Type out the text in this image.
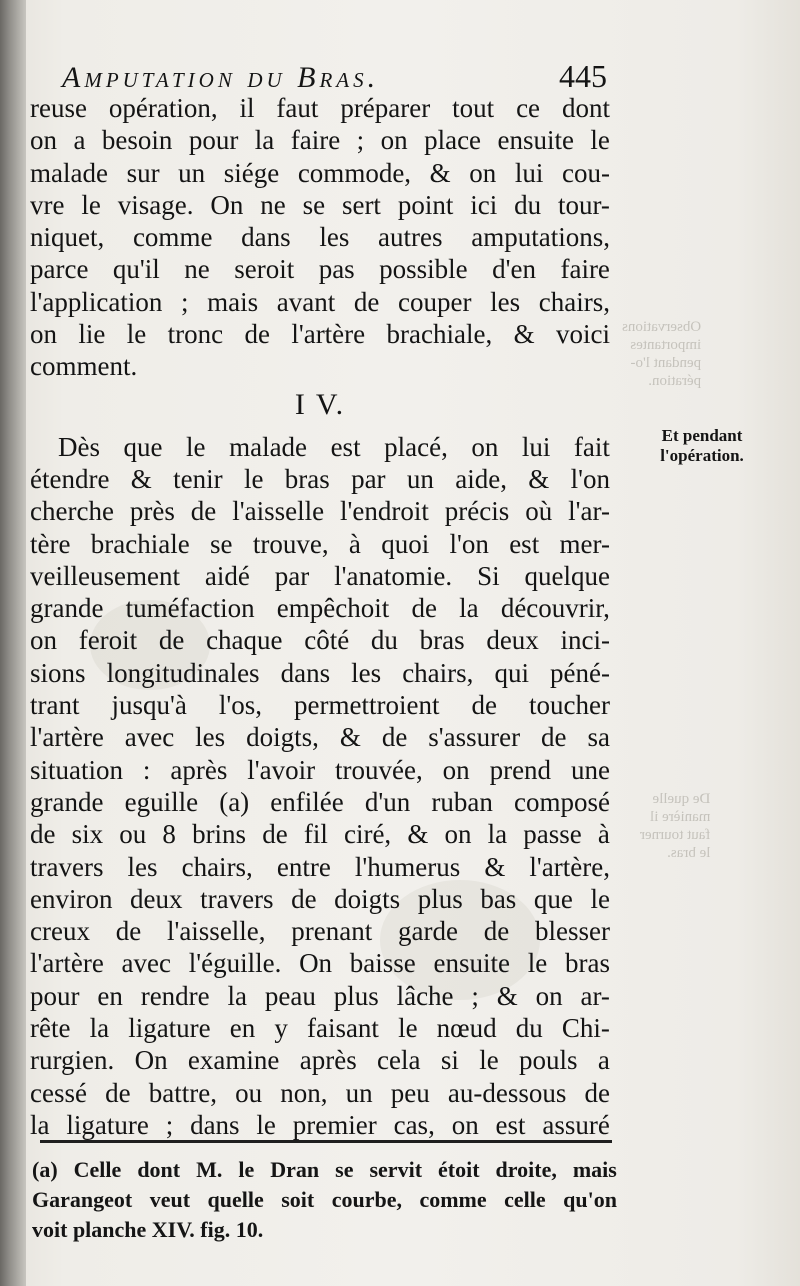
Amputation du Bras.	445
Observations
importantes
pendant l'o-
pération.
De quelle
manière il
faut tourner
le bras.
reuse opération, il faut préparer tout ce dont
on a besoin pour la faire ; on place ensuite le
malade sur un siége commode, & on lui cou-
vre le visage. On ne se sert point ici du tour-
niquet, comme dans les autres amputations,
parce qu'il ne seroit pas possible d'en faire
l'application ; mais avant de couper les chairs,
on lie le tronc de l'artère brachiale, & voici
comment.
I V.
Dès que le malade est placé, on lui fait
étendre & tenir le bras par un aide, & l'on
cherche près de l'aisselle l'endroit précis où l'ar-
tère brachiale se trouve, à quoi l'on est mer-
veilleusement aidé par l'anatomie. Si quelque
grande tuméfaction empêchoit de la découvrir,
on feroit de chaque côté du bras deux inci-
sions longitudinales dans les chairs, qui péné-
trant jusqu'à l'os, permettroient de toucher
l'artère avec les doigts, & de s'assurer de sa
situation : après l'avoir trouvée, on prend une
grande eguille (a) enfilée d'un ruban composé
de six ou 8 brins de fil ciré, & on la passe à
travers les chairs, entre l'humerus & l'artère,
environ deux travers de doigts plus bas que le
creux de l'aisselle, prenant garde de blesser
l'artère avec l'éguille. On baisse ensuite le bras
pour en rendre la peau plus lâche ; & on ar-
rête la ligature en y faisant le nœud du Chi-
rurgien. On examine après cela si le pouls a
cessé de battre, ou non, un peu au-dessous de
la ligature ; dans le premier cas, on est assuré
Et pendant
l'opération.
(a) Celle dont M. le Dran se servit étoit droite, mais
Garangeot veut quelle soit courbe, comme celle qu'on
voit planche XIV. fig. 10.
